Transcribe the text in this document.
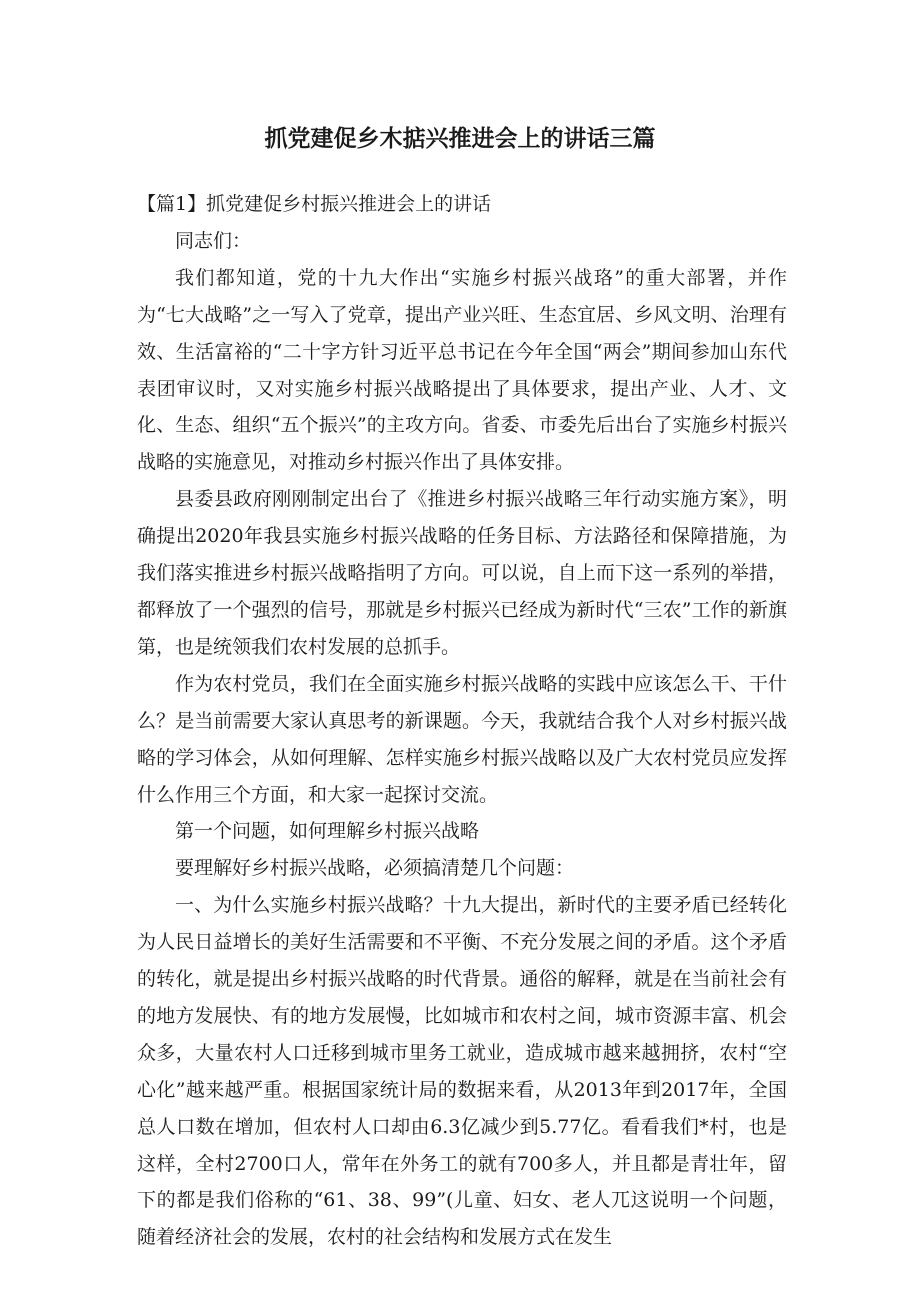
抓党建促乡木掂兴推进会上的讲话三篇

【篇1】抓党建促乡村振兴推进会上的讲话

同志们：

我们都知道，党的十九大作出“实施乡村振兴战珞”的重大部署，并作为“七大战略”之一写入了党章，提出产业兴旺、生态宜居、乡风文明、治理有效、生活富裕的“二十字方针习近平总书记在今年全国“两会”期间参加山东代表团审议时，又对实施乡村振兴战略提出了具体要求，提出产业、人才、文化、生态、组织“五个振兴”的主攻方向。省委、市委先后出台了实施乡村振兴战略的实施意见，对推动乡村振兴作出了具体安排。

县委县政府刚刚制定出台了《推进乡村振兴战略三年行动实施方案》，明确提出2020年我县实施乡村振兴战略的任务目标、方法路径和保障措施，为我们落实推进乡村振兴战略指明了方向。可以说，自上而下这一系列的举措，都释放了一个强烈的信号，那就是乡村振兴已经成为新时代“三农”工作的新旗第，也是统领我们农村发展的总抓手。

作为农村党员，我们在全面实施乡村振兴战略的实践中应该怎么干、干什么？是当前需要大家认真思考的新课题。今天，我就结合我个人对乡村振兴战略的学习体会，从如何理解、怎样实施乡村振兴战略以及广大农村党员应发挥什么作用三个方面，和大家一起探讨交流。

第一个问题，如何理解乡村振兴战略

要理解好乡村振兴战略，必须搞清楚几个问题：

一、为什么实施乡村振兴战略？十九大提出，新时代的主要矛盾已经转化为人民日益增长的美好生活需要和不平衡、不充分发展之间的矛盾。这个矛盾的转化，就是提出乡村振兴战略的时代背景。通俗的解释，就是在当前社会有的地方发展快、有的地方发展慢，比如城市和农村之间，城市资源丰富、机会众多，大量农村人口迁移到城市里务工就业，造成城市越来越拥挤，农村“空心化”越来越严重。根据国家统计局的数据来看，从2013年到2017年，全国总人口数在增加，但农村人口却由6.3亿减少到5.77亿。看看我们*村，也是这样，全村2700口人，常年在外务工的就有700多人，并且都是青壮年，留下的都是我们俗称的“61、38、99”(儿童、妇女、老人兀这说明一个问题，随着经济社会的发展，农村的社会结构和发展方式在发生
